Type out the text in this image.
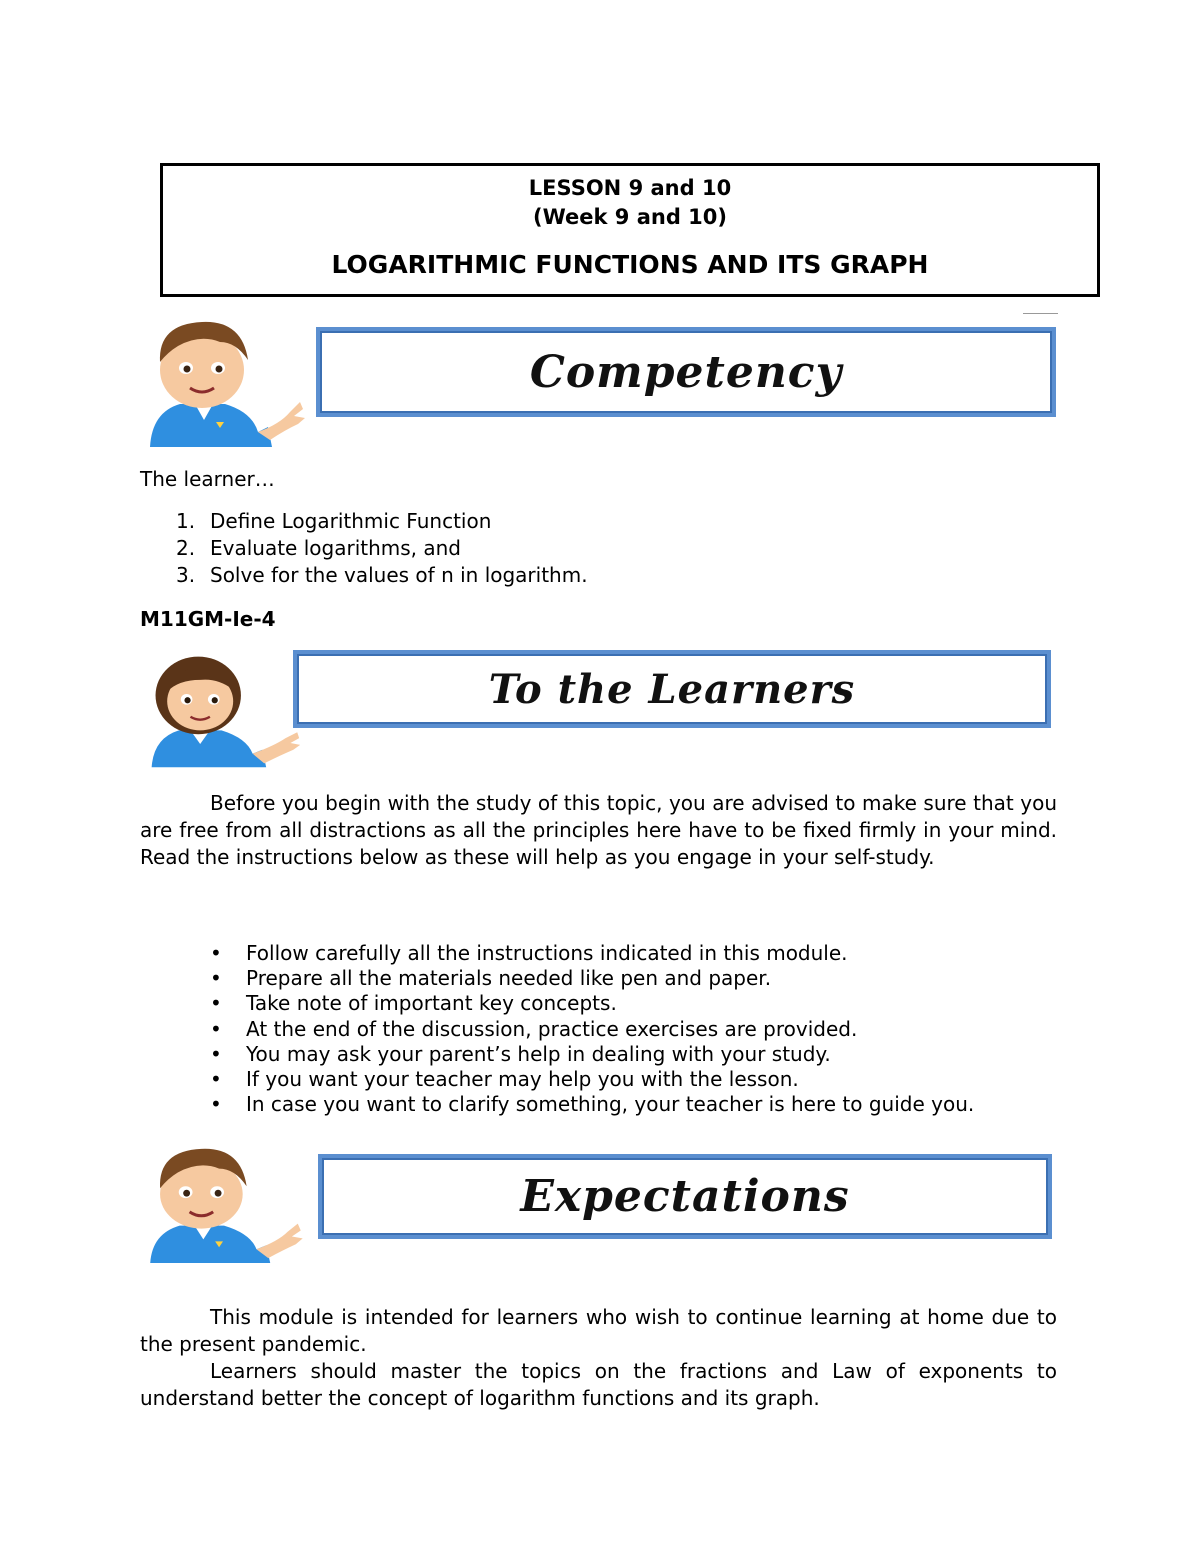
LESSON 9 and 10
(Week 9 and 10)
LOGARITHMIC FUNCTIONS AND ITS GRAPH
Competency
The learner…
1. Define Logarithmic Function
2. Evaluate logarithms, and
3. Solve for the values of n in logarithm.
M11GM-Ie-4
To the Learners
Before you begin with the study of this topic, you are advised to make sure that you are free from all distractions as all the principles here have to be fixed firmly in your mind. Read the instructions below as these will help as you engage in your self-study.
• Follow carefully all the instructions indicated in this module.
• Prepare all the materials needed like pen and paper.
• Take note of important key concepts.
• At the end of the discussion, practice exercises are provided.
• You may ask your parent’s help in dealing with your study.
• If you want your teacher may help you with the lesson.
• In case you want to clarify something, your teacher is here to guide you.
Expectations
This module is intended for learners who wish to continue learning at home due to the present pandemic.
Learners should master the topics on the fractions and Law of exponents to understand better the concept of logarithm functions and its graph.
